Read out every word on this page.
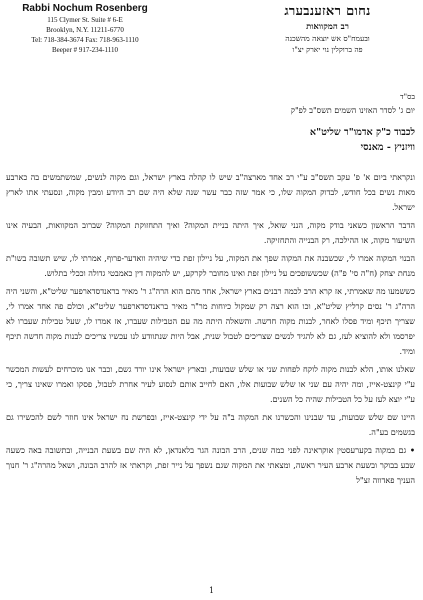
Rabbi Nochum Rosenberg
115 Clymer St. Suite # 6-E
Brooklyn, N.Y. 11211-6770
Tel: 718-384-3674 Fax: 718-963-1110
Beeper # 917-234-1110
נחום ראזענבערג
רב המקוואות
ובעמח"ס אש יוצאה מהשכנה
פה ברוקלין נוי יארק יצ"ו
בס"ד
יום ג' לסדר האזינו השמים תשס"ב לפ"ק
לכבוד כ"ק אדמו"ר שליט"א
וויזניץ - מאנסי

ונקראתי ביום א' פ' עקב תשס"ב ע"י רב אחד מארצה"ב שיש לו קהלה בארץ ישראל, וגם מקוה לנשים, שמשתמשים בה כארבע מאות נשים בכל חודש, לבדוק המקוה שלו, כי אמר שזה כבר עשר שנה שלא היה שם רב היודע ומבין מקוה, ונסעתי אתו לארץ ישראל.

הדבר הראשון כשאני בודק מקוה, הנני שואל, איך היתה בניית המקוה? ואיך התחזוקת המקוה? שברוב המקוואות, הבעיה אינו השיעור מקוה, או ההילכה, רק הבנייה והתחזיקה.

הבנוי המקוה אמרו לי, שכשבנה את המקוה שפך את המקוה, על ניילון זפת כדי שיהיה וואדער-פרוף, אמרתי לו, שיש תשובה בשו"ת מנחת יצחק (ח"ה סי' פ"ה) שכששופכים על ניילון זפת ואינו מחובר לקרקע, יש להמקוה דין כאמבטי גדולה וככלי בתלוש.

כששמעו מה שאמרתי, אז קרא הרב לכמה רבנים בארץ ישראל, אחד מהם הוא הרה"ג ר' מאיר בראנדסדארפער שליט"א, והשני היה הרה"ג ר' נסים קרליץ שליט"א, וכו הוא רצה רק שמקול כיוחות מר"ר מאיר בראנדסדארפער שליט"א, וכולם פה אחד אמרו לי, שצריך תיכף ומיד פסלו לאחר, לבנות מקוה חדשה. והשאלה היתה מה עם הטבילות שעברו, אז אמרו לו, שעל טבילות שעברו לא יפרסמו ולא להוציא לעז, גם לא להגיד לנשים שצריכים לטבול שנית, אבל היות שנתוודע לנו עכשיו צריכים לבנות מקוה חדשה תיכף ומיד.

שאלנו אותו, הלא לבנות מקוה לוקח לפחות שני או שלש שבועות, ובארץ ישראל אינו יורד גשם, וכבר אנו מוכרחים לעשות המכשר ע"י קינצט-אייז, ומה יהיה עם שני או שלש שבועות אלו, האם לחייב אותם לנסוע לעיר אחרת לטבול, פסקו ואמרו שאינו צריך, כי ע"י יוצא לעז על כל הטבילות שהיה כל השנים.

היינו שם שלש שבועות, עד שבנינו והכשרנו את המקוה ב"ה על ידי קינצט-אייז, ובפרשת נח ישראל אינו חוזר לשם להכשירו גם בגשמים בע"ה.

• גם במקוה בקערעסטין אוקראינה לפני כמה שנים, הרב הבונה הגר בלאנדאן, לא היה שם בשעת הבנייה, ובתשובה באה כשעה שבע בבוקר ובשעת ארבע העיר ראשה, ומצאתי את המקוה שגם נשפך על נייר זפת, וקראתי אז להרב הבונה, ושאל מהרה"ג ר' חנוך העניך פאדווה זצ"ל

1
